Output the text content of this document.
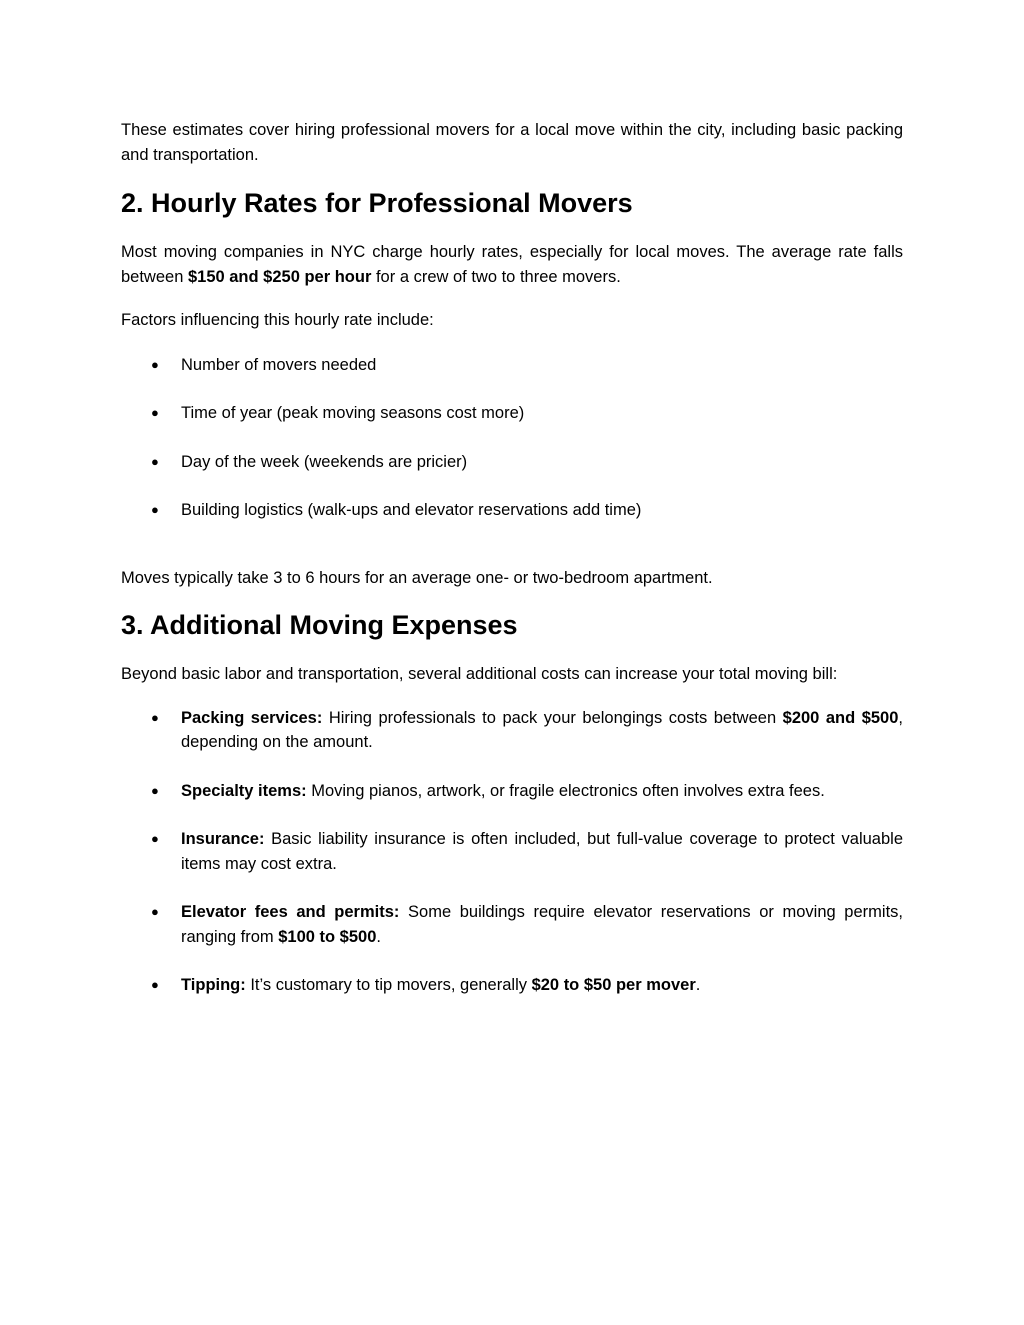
These estimates cover hiring professional movers for a local move within the city, including basic packing and transportation.

2. Hourly Rates for Professional Movers

Most moving companies in NYC charge hourly rates, especially for local moves. The average rate falls between $150 and $250 per hour for a crew of two to three movers.

Factors influencing this hourly rate include:

● Number of movers needed
● Time of year (peak moving seasons cost more)
● Day of the week (weekends are pricier)
● Building logistics (walk-ups and elevator reservations add time)

Moves typically take 3 to 6 hours for an average one- or two-bedroom apartment.

3. Additional Moving Expenses

Beyond basic labor and transportation, several additional costs can increase your total moving bill:

● Packing services: Hiring professionals to pack your belongings costs between $200 and $500, depending on the amount.
● Specialty items: Moving pianos, artwork, or fragile electronics often involves extra fees.
● Insurance: Basic liability insurance is often included, but full-value coverage to protect valuable items may cost extra.
● Elevator fees and permits: Some buildings require elevator reservations or moving permits, ranging from $100 to $500.
● Tipping: It’s customary to tip movers, generally $20 to $50 per mover.
